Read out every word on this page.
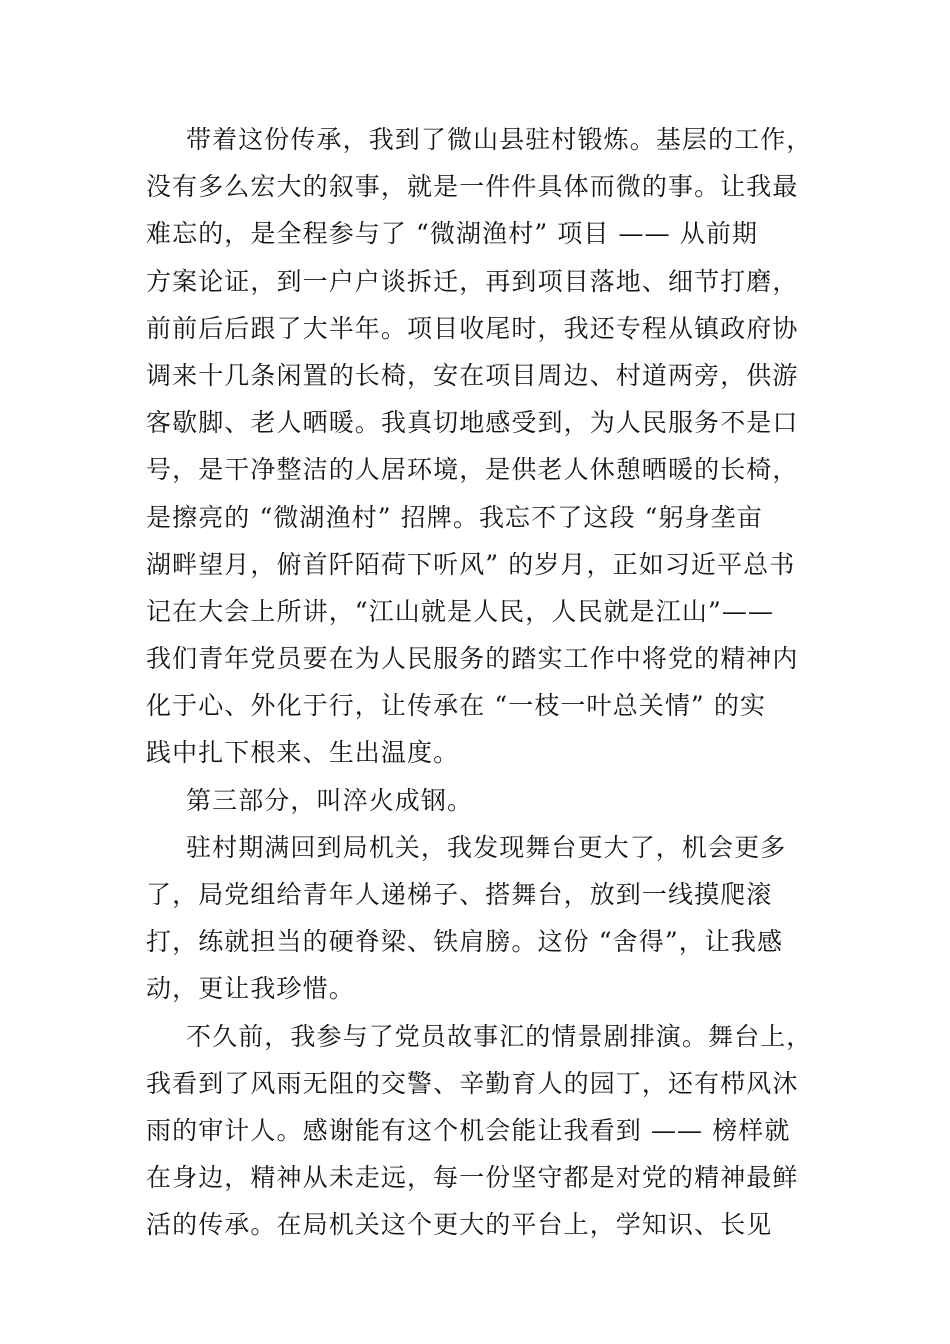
带着这份传承，我到了微山县驻村锻炼。基层的工作，
没有多么宏大的叙事，就是一件件具体而微的事。让我最
难忘的，是全程参与了 “微湖渔村” 项目 —— 从前期
方案论证，到一户户谈拆迁，再到项目落地、细节打磨，
前前后后跟了大半年。项目收尾时，我还专程从镇政府协
调来十几条闲置的长椅，安在项目周边、村道两旁，供游
客歇脚、老人晒暖。我真切地感受到，为人民服务不是口
号，是干净整洁的人居环境，是供老人休憩晒暖的长椅，
是擦亮的 “微湖渔村” 招牌。我忘不了这段 “躬身垄亩
湖畔望月，俯首阡陌荷下听风” 的岁月，正如习近平总书
记在大会上所讲，“江山就是人民，人民就是江山”——
我们青年党员要在为人民服务的踏实工作中将党的精神内
化于心、外化于行，让传承在 “一枝一叶总关情” 的实
践中扎下根来、生出温度。
第三部分，叫淬火成钢。
驻村期满回到局机关，我发现舞台更大了，机会更多
了，局党组给青年人递梯子、搭舞台，放到一线摸爬滚
打，练就担当的硬脊梁、铁肩膀。这份 “舍得”，让我感
动，更让我珍惜。
不久前，我参与了党员故事汇的情景剧排演。舞台上，
我看到了风雨无阻的交警、辛勤育人的园丁，还有栉风沐
雨的审计人。感谢能有这个机会能让我看到 —— 榜样就
在身边，精神从未走远，每一份坚守都是对党的精神最鲜
活的传承。在局机关这个更大的平台上，学知识、长见
